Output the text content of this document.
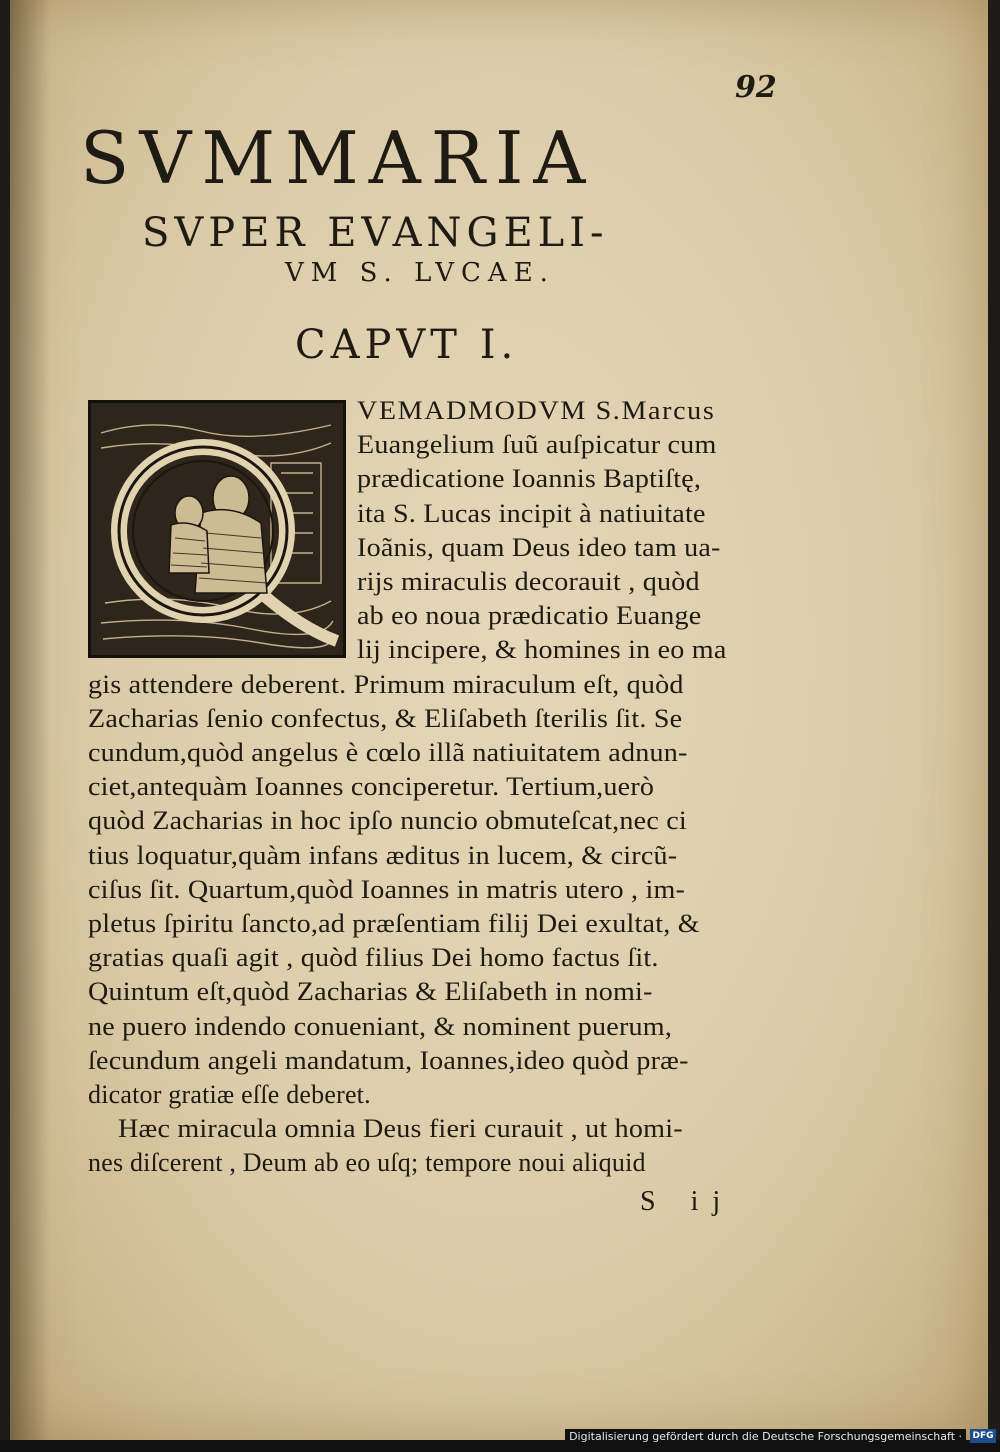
92
SVMMARIA
SVPER EVANGELI-
VM S. LVCAE.
CAPVT I.
VEMADMODVM S.Marcus
Euangelium ſuũ auſpicatur cum
prædicatione Ioannis Baptiſtę,
ita S. Lucas incipit à natiuitate
Ioãnis, quam Deus ideo tam ua-
rijs miraculis decorauit , quòd
ab eo noua prædicatio Euange
lij incipere, & homines in eo ma
gis attendere deberent. Primum miraculum eſt, quòd
Zacharias ſenio confectus, & Eliſabeth ſterilis ſit. Se
cundum,quòd angelus è cœlo illã natiuitatem adnun-
ciet,antequàm Ioannes conciperetur. Tertium,uerò
quòd Zacharias in hoc ipſo nuncio obmuteſcat,nec ci
tius loquatur,quàm infans æditus in lucem, & circũ-
ciſus ſit. Quartum,quòd Ioannes in matris utero , im-
pletus ſpiritu ſancto,ad præſentiam filij Dei exultat, &
gratias quaſi agit , quòd filius Dei homo factus ſit.
Quintum eſt,quòd Zacharias & Eliſabeth in nomi-
ne puero indendo conueniant, & nominent puerum,
ſecundum angeli mandatum, Ioannes,ideo quòd præ-
dicator gratiæ eſſe deberet.
Hæc miracula omnia Deus fieri curauit , ut homi-
nes diſcerent , Deum ab eo uſq; tempore noui aliquid
S ij
Digitalisierung gefördert durch die Deutsche Forschungsgemeinschaft ·	DFG
